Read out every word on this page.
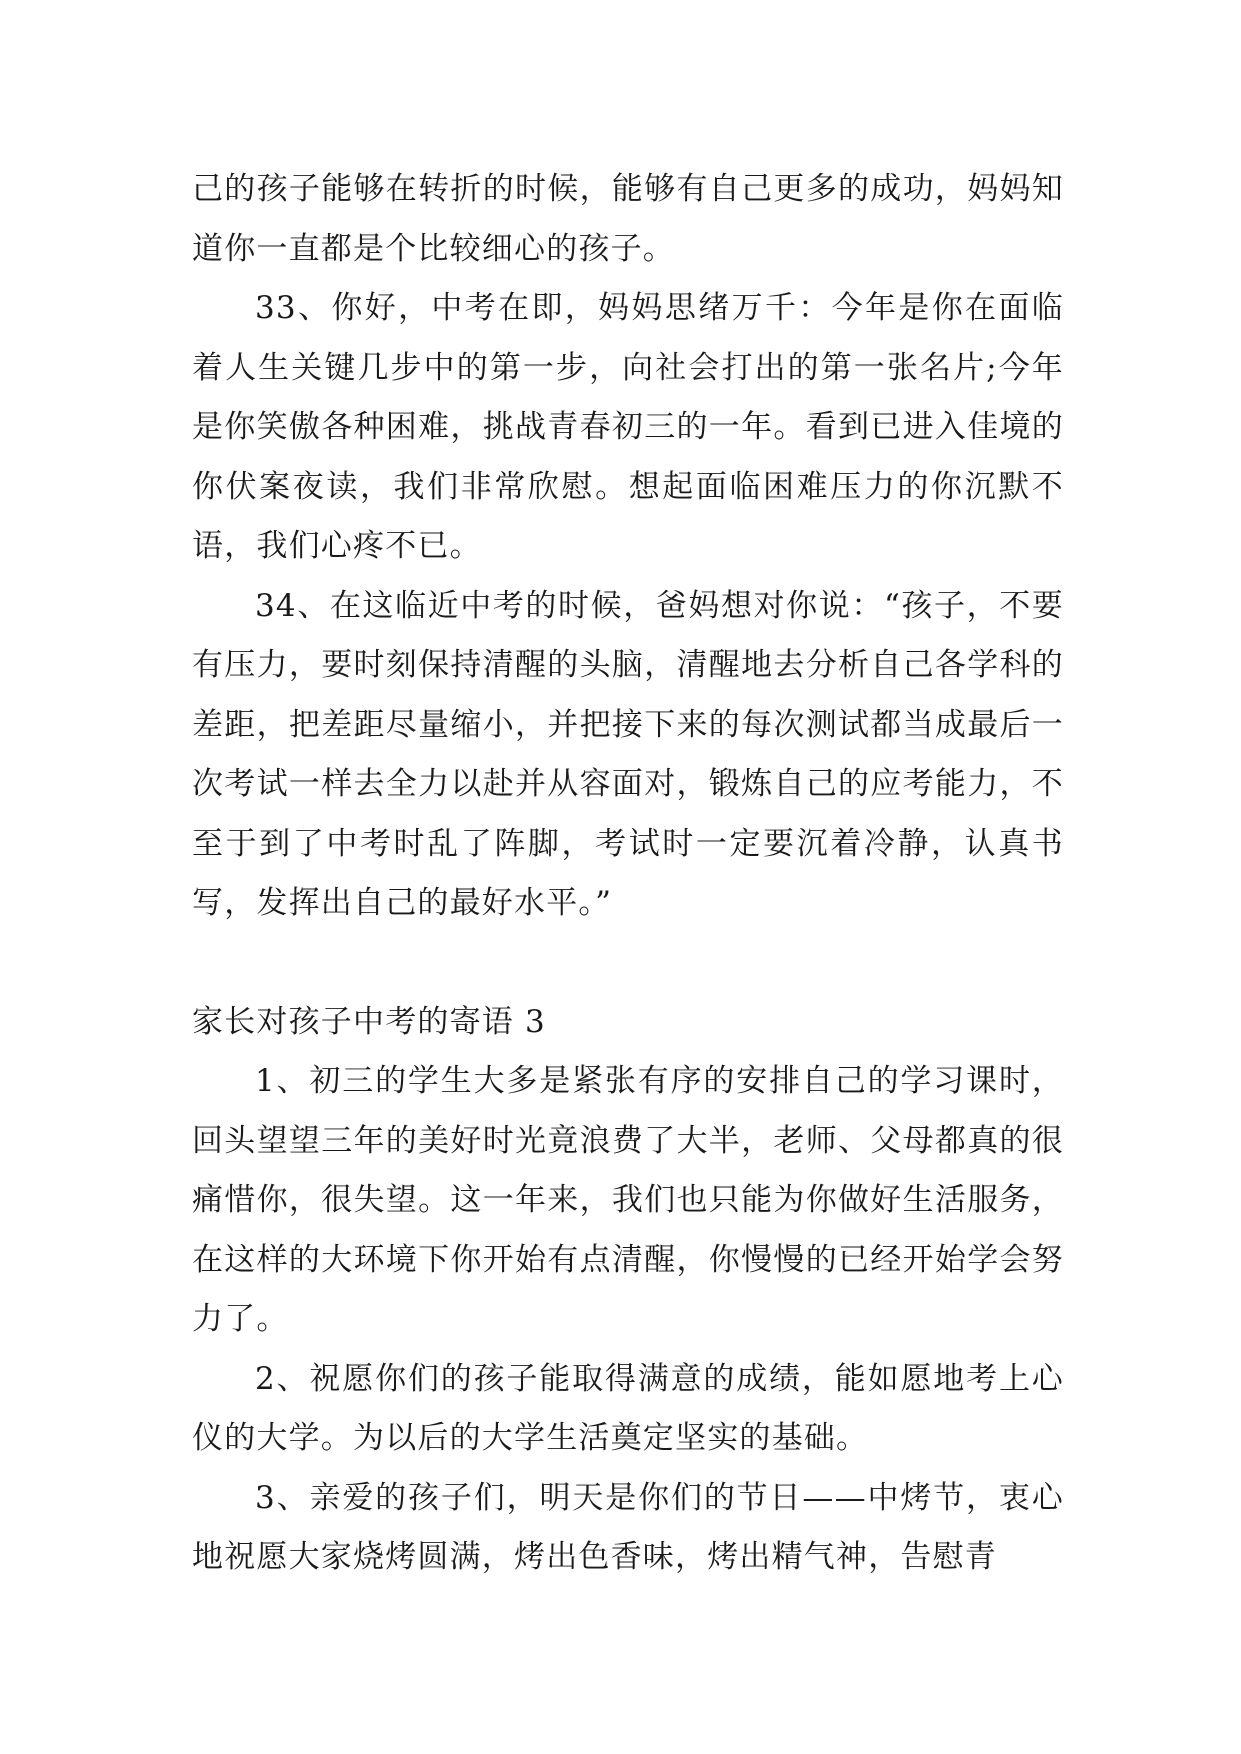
己的孩子能够在转折的时候，能够有自己更多的成功，妈妈知道你一直都是个比较细心的孩子。

33、你好，中考在即，妈妈思绪万千：今年是你在面临着人生关键几步中的第一步，向社会打出的第一张名片;今年是你笑傲各种困难，挑战青春初三的一年。看到已进入佳境的你伏案夜读，我们非常欣慰。想起面临困难压力的你沉默不语，我们心疼不已。

34、在这临近中考的时候，爸妈想对你说：“孩子，不要有压力，要时刻保持清醒的头脑，清醒地去分析自己各学科的差距，把差距尽量缩小，并把接下来的每次测试都当成最后一次考试一样去全力以赴并从容面对，锻炼自己的应考能力，不至于到了中考时乱了阵脚，考试时一定要沉着冷静，认真书写，发挥出自己的最好水平。”

家长对孩子中考的寄语 3

1、初三的学生大多是紧张有序的安排自己的学习课时，回头望望三年的美好时光竟浪费了大半，老师、父母都真的很痛惜你，很失望。这一年来，我们也只能为你做好生活服务，在这样的大环境下你开始有点清醒，你慢慢的已经开始学会努力了。

2、祝愿你们的孩子能取得满意的成绩，能如愿地考上心仪的大学。为以后的大学生活奠定坚实的基础。

3、亲爱的孩子们，明天是你们的节日——中烤节，衷心地祝愿大家烧烤圆满，烤出色香味，烤出精气神，告慰青
